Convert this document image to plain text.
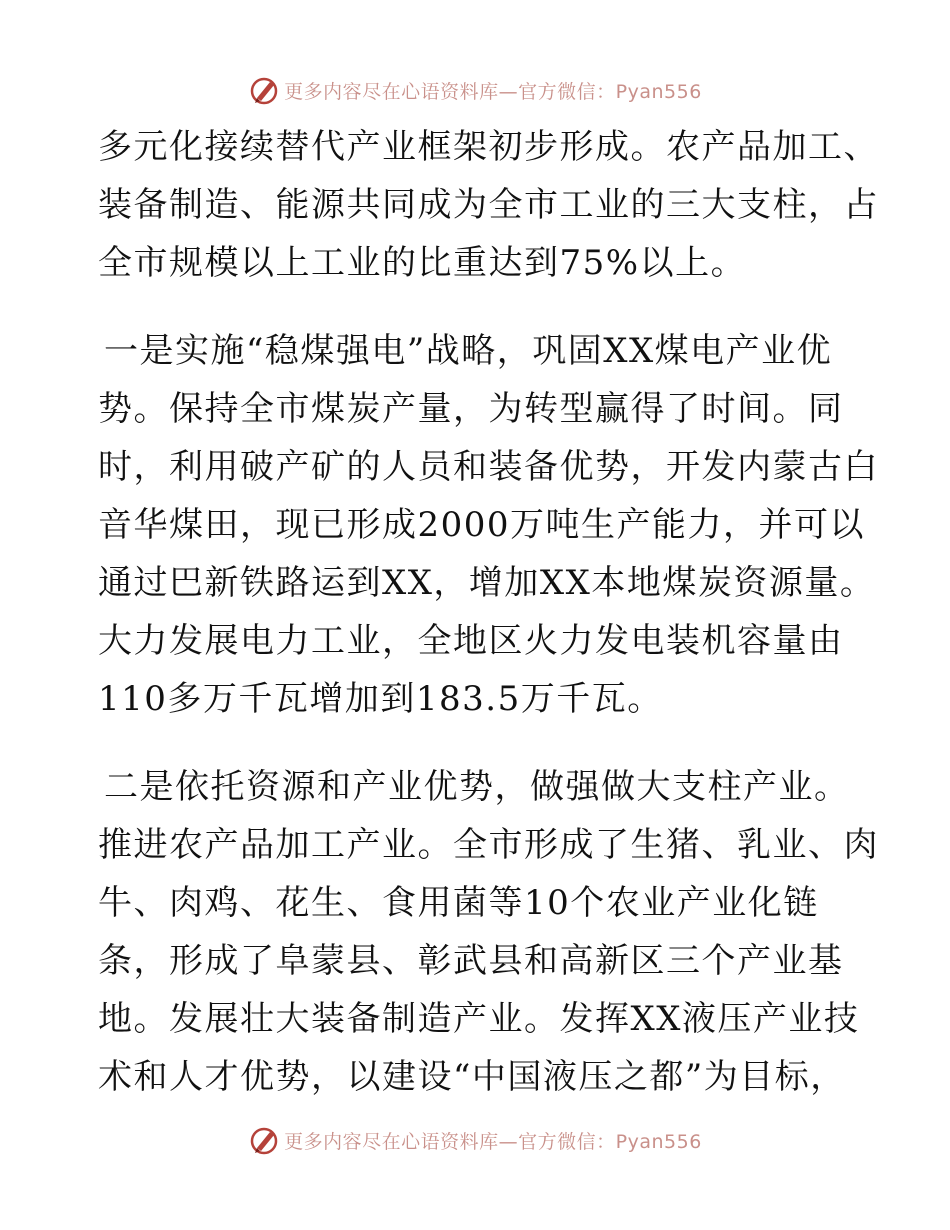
更多内容尽在心语资料库—官方微信：Pyan556
多元化接续替代产业框架初步形成。农产品加工、
装备制造、能源共同成为全市工业的三大支柱，占
全市规模以上工业的比重达到75%以上。
一是实施“稳煤强电”战略，巩固XX煤电产业优
势。保持全市煤炭产量，为转型赢得了时间。同
时，利用破产矿的人员和装备优势，开发内蒙古白
音华煤田，现已形成2000万吨生产能力，并可以
通过巴新铁路运到XX，增加XX本地煤炭资源量。
大力发展电力工业，全地区火力发电装机容量由
110多万千瓦增加到183.5万千瓦。
二是依托资源和产业优势，做强做大支柱产业。
推进农产品加工产业。全市形成了生猪、乳业、肉
牛、肉鸡、花生、食用菌等10个农业产业化链
条，形成了阜蒙县、彰武县和高新区三个产业基
地。发展壮大装备制造产业。发挥XX液压产业技
术和人才优势，以建设“中国液压之都”为目标，
更多内容尽在心语资料库—官方微信：Pyan556
